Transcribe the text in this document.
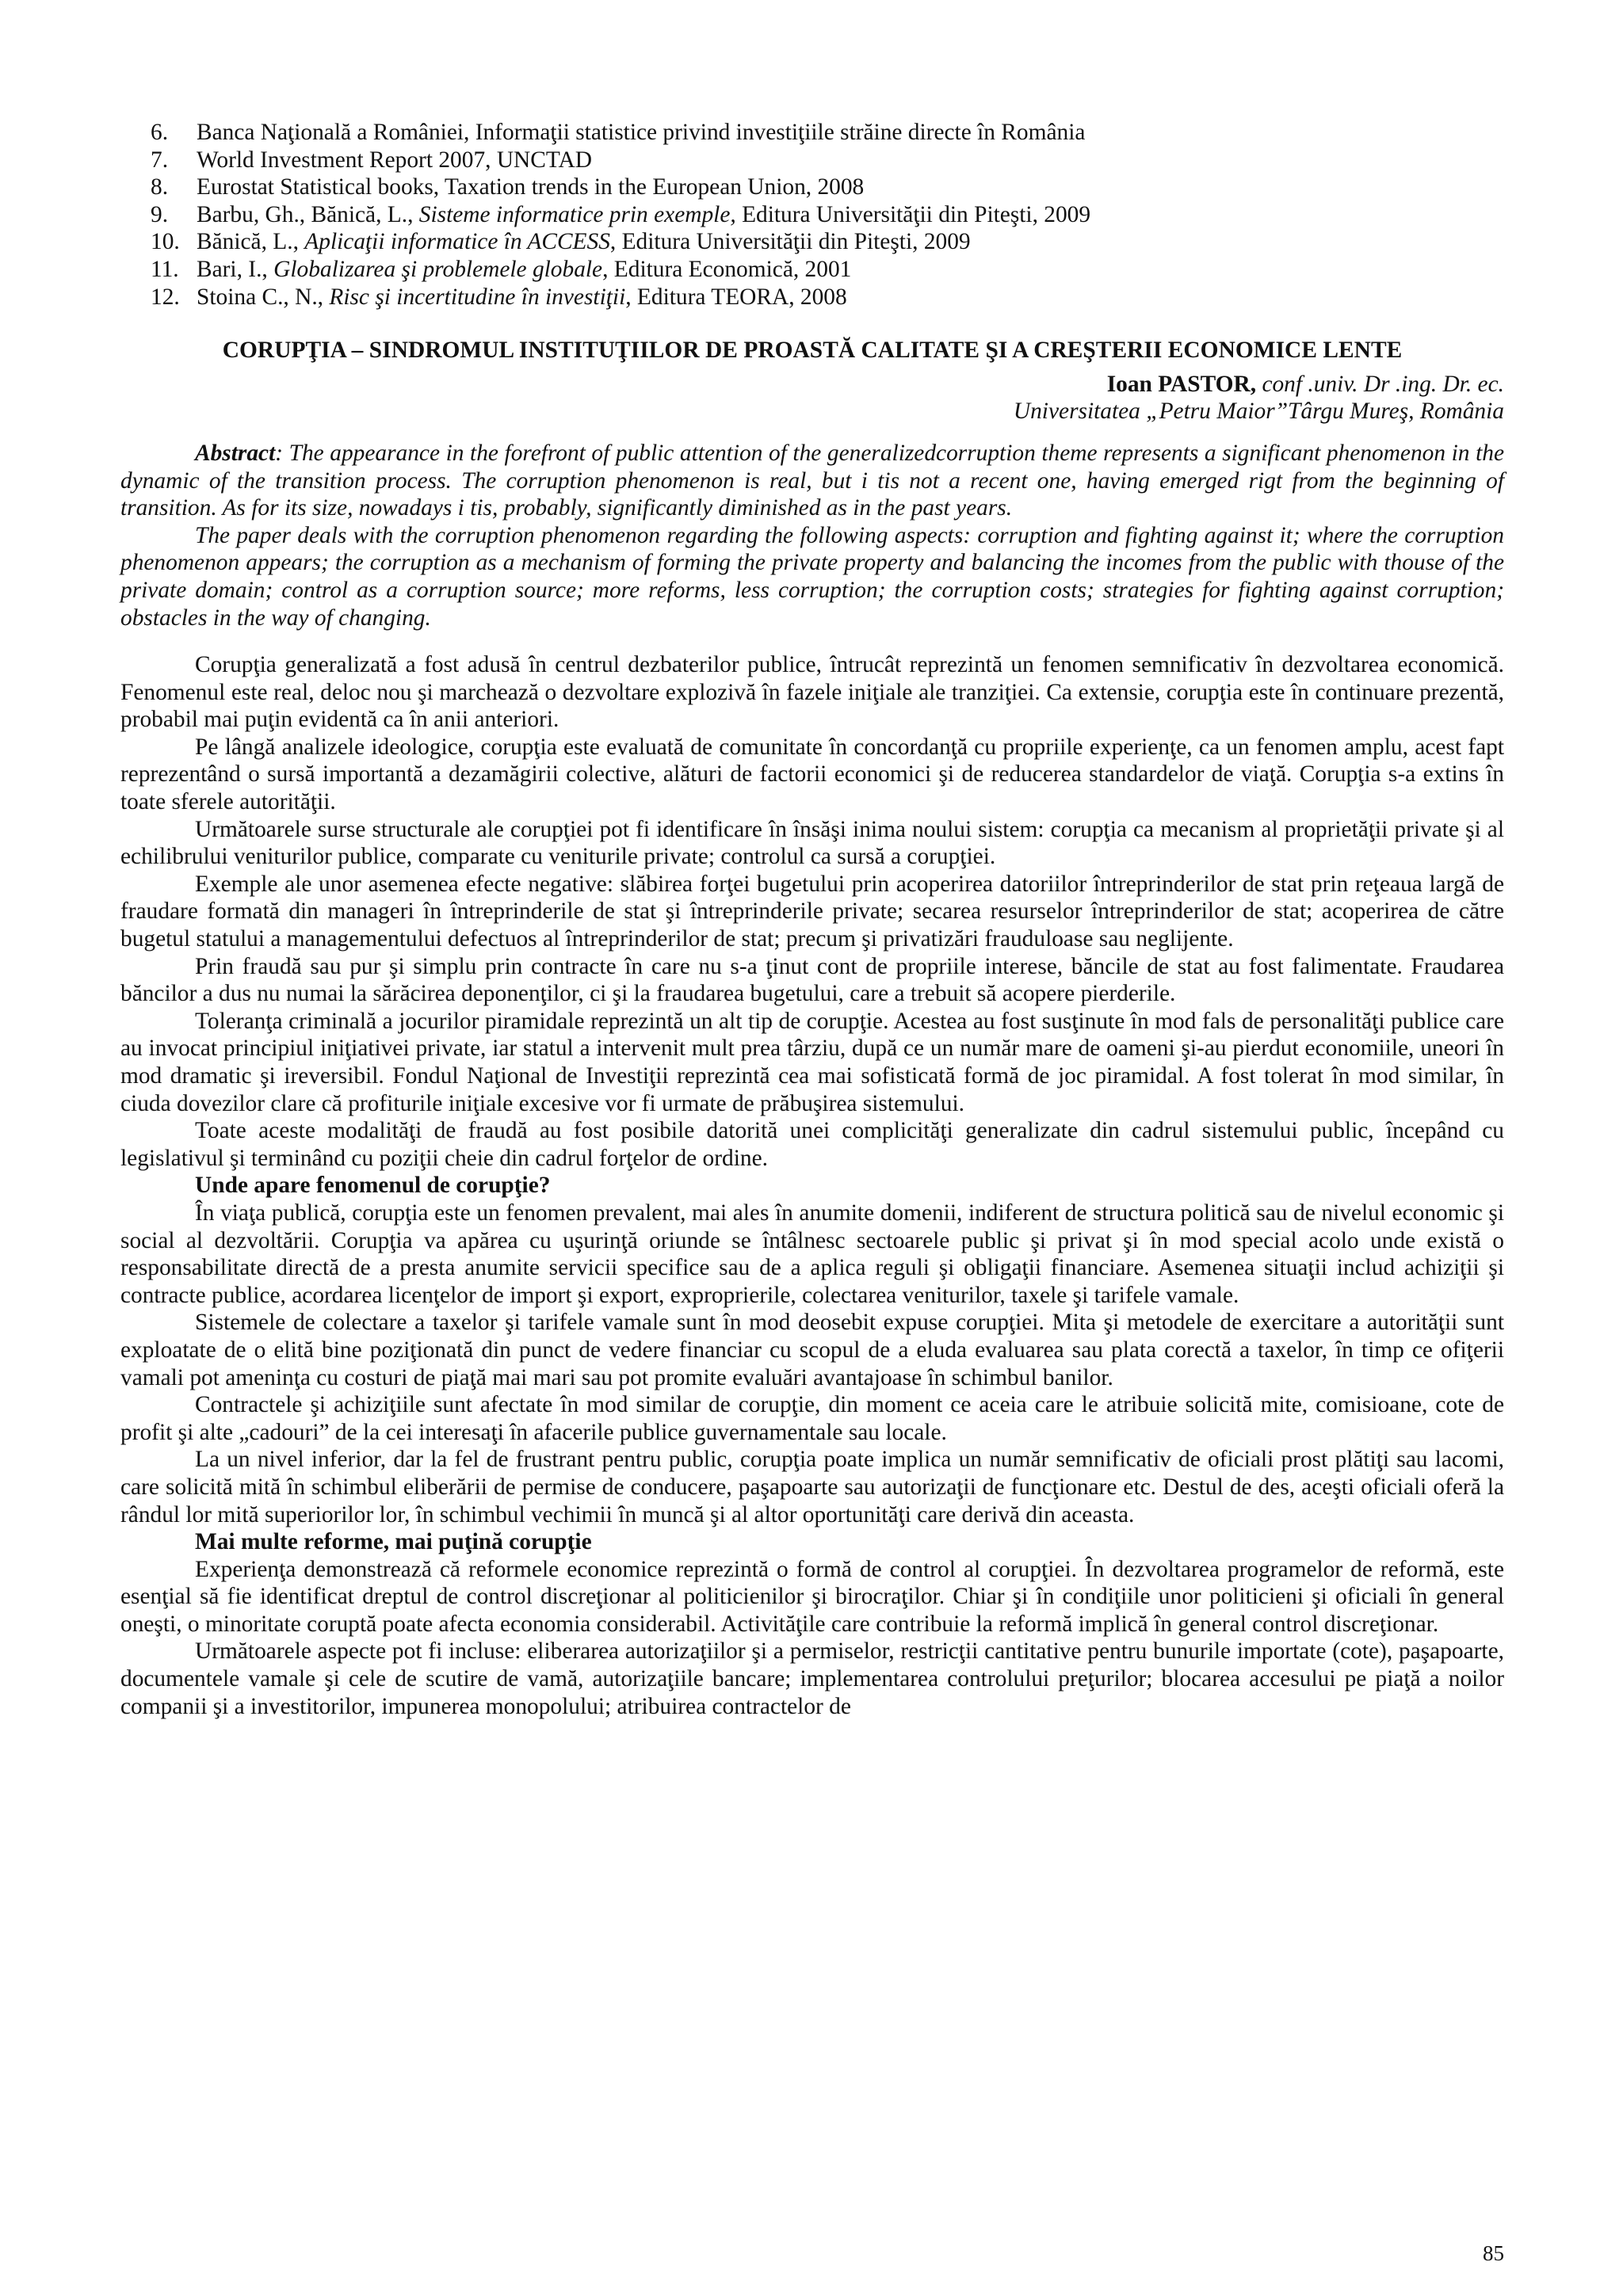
6. Banca Naţională a României, Informaţii statistice privind investiţiile străine directe în România
7. World Investment Report 2007, UNCTAD
8. Eurostat Statistical books, Taxation trends in the European Union, 2008
9. Barbu, Gh., Bănică, L., Sisteme informatice prin exemple, Editura Universităţii din Piteşti, 2009
10. Bănică, L., Aplicaţii informatice în ACCESS, Editura Universităţii din Piteşti, 2009
11. Bari, I., Globalizarea şi problemele globale, Editura Economică, 2001
12. Stoina C., N., Risc şi incertitudine în investiţii, Editura TEORA, 2008
CORUPŢIA – SINDROMUL INSTITUŢIILOR DE PROASTĂ CALITATE ŞI A CREŞTERII ECONOMICE LENTE
Ioan PASTOR, conf .univ. Dr .ing. Dr. ec.
Universitatea „Petru Maior”Târgu Mureş, România

Abstract: The appearance in the forefront of public attention of the generalizedcorruption theme represents a significant phenomenon in the dynamic of the transition process. The corruption phenomenon is real, but i tis not a recent one, having emerged rigt from the beginning of transition. As for its size, nowadays i tis, probably, significantly diminished as in the past years.

The paper deals with the corruption phenomenon regarding the following aspects: corruption and fighting against it; where the corruption phenomenon appears; the corruption as a mechanism of forming the private property and balancing the incomes from the public with thouse of the private domain; control as a corruption source; more reforms, less corruption; the corruption costs; strategies for fighting against corruption; obstacles in the way of changing.

Corupţia generalizată a fost adusă în centrul dezbaterilor publice, întrucât reprezintă un fenomen semnificativ în dezvoltarea economică. Fenomenul este real, deloc nou şi marchează o dezvoltare explozivă în fazele iniţiale ale tranziţiei. Ca extensie, corupţia este în continuare prezentă, probabil mai puţin evidentă ca în anii anteriori.

Pe lângă analizele ideologice, corupţia este evaluată de comunitate în concordanţă cu propriile experienţe, ca un fenomen amplu, acest fapt reprezentând o sursă importantă a dezamăgirii colective, alături de factorii economici şi de reducerea standardelor de viaţă. Corupţia s-a extins în toate sferele autorităţii.

Următoarele surse structurale ale corupţiei pot fi identificare în însăşi inima noului sistem: corupţia ca mecanism al proprietăţii private şi al echilibrului veniturilor publice, comparate cu veniturile private; controlul ca sursă a corupţiei.

Exemple ale unor asemenea efecte negative: slăbirea forţei bugetului prin acoperirea datoriilor întreprinderilor de stat prin reţeaua largă de fraudare formată din manageri în întreprinderile de stat şi întreprinderile private; secarea resurselor întreprinderilor de stat; acoperirea de către bugetul statului a managementului defectuos al întreprinderilor de stat; precum şi privatizări frauduloase sau neglijente.

Prin fraudă sau pur şi simplu prin contracte în care nu s-a ţinut cont de propriile interese, băncile de stat au fost falimentate. Fraudarea băncilor a dus nu numai la sărăcirea deponenţilor, ci şi la fraudarea bugetului, care a trebuit să acopere pierderile.

Toleranţa criminală a jocurilor piramidale reprezintă un alt tip de corupţie. Acestea au fost susţinute în mod fals de personalităţi publice care au invocat principiul iniţiativei private, iar statul a intervenit mult prea târziu, după ce un număr mare de oameni şi-au pierdut economiile, uneori în mod dramatic şi ireversibil. Fondul Naţional de Investiţii reprezintă cea mai sofisticată formă de joc piramidal. A fost tolerat în mod similar, în ciuda dovezilor clare că profiturile iniţiale excesive vor fi urmate de prăbuşirea sistemului.

Toate aceste modalităţi de fraudă au fost posibile datorită unei complicităţi generalizate din cadrul sistemului public, începând cu legislativul şi terminând cu poziţii cheie din cadrul forţelor de ordine.

Unde apare fenomenul de corupţie?

În viaţa publică, corupţia este un fenomen prevalent, mai ales în anumite domenii, indiferent de structura politică sau de nivelul economic şi social al dezvoltării. Corupţia va apărea cu uşurinţă oriunde se întâlnesc sectoarele public şi privat şi în mod special acolo unde există o responsabilitate directă de a presta anumite servicii specifice sau de a aplica reguli şi obligaţii financiare. Asemenea situaţii includ achiziţii şi contracte publice, acordarea licenţelor de import şi export, exproprierile, colectarea veniturilor, taxele şi tarifele vamale.

Sistemele de colectare a taxelor şi tarifele vamale sunt în mod deosebit expuse corupţiei. Mita şi metodele de exercitare a autorităţii sunt exploatate de o elită bine poziţionată din punct de vedere financiar cu scopul de a eluda evaluarea sau plata corectă a taxelor, în timp ce ofiţerii vamali pot ameninţa cu costuri de piaţă mai mari sau pot promite evaluări avantajoase în schimbul banilor.

Contractele şi achiziţiile sunt afectate în mod similar de corupţie, din moment ce aceia care le atribuie solicită mite, comisioane, cote de profit şi alte „cadouri” de la cei interesaţi în afacerile publice guvernamentale sau locale.

La un nivel inferior, dar la fel de frustrant pentru public, corupţia poate implica un număr semnificativ de oficiali prost plătiţi sau lacomi, care solicită mită în schimbul eliberării de permise de conducere, paşapoarte sau autorizaţii de funcţionare etc. Destul de des, aceşti oficiali oferă la rândul lor mită superiorilor lor, în schimbul vechimii în muncă şi al altor oportunităţi care derivă din aceasta.

Mai multe reforme, mai puţină corupţie

Experienţa demonstrează că reformele economice reprezintă o formă de control al corupţiei. În dezvoltarea programelor de reformă, este esenţial să fie identificat dreptul de control discreţionar al politicienilor şi birocraţilor. Chiar şi în condiţiile unor politicieni şi oficiali în general oneşti, o minoritate coruptă poate afecta economia considerabil. Activităţile care contribuie la reformă implică în general control discreţionar.

Următoarele aspecte pot fi incluse: eliberarea autorizaţiilor şi a permiselor, restricţii cantitative pentru bunurile importate (cote), paşapoarte, documentele vamale şi cele de scutire de vamă, autorizaţiile bancare; implementarea controlului preţurilor; blocarea accesului pe piaţă a noilor companii şi a investitorilor, impunerea monopolului; atribuirea contractelor de

85
